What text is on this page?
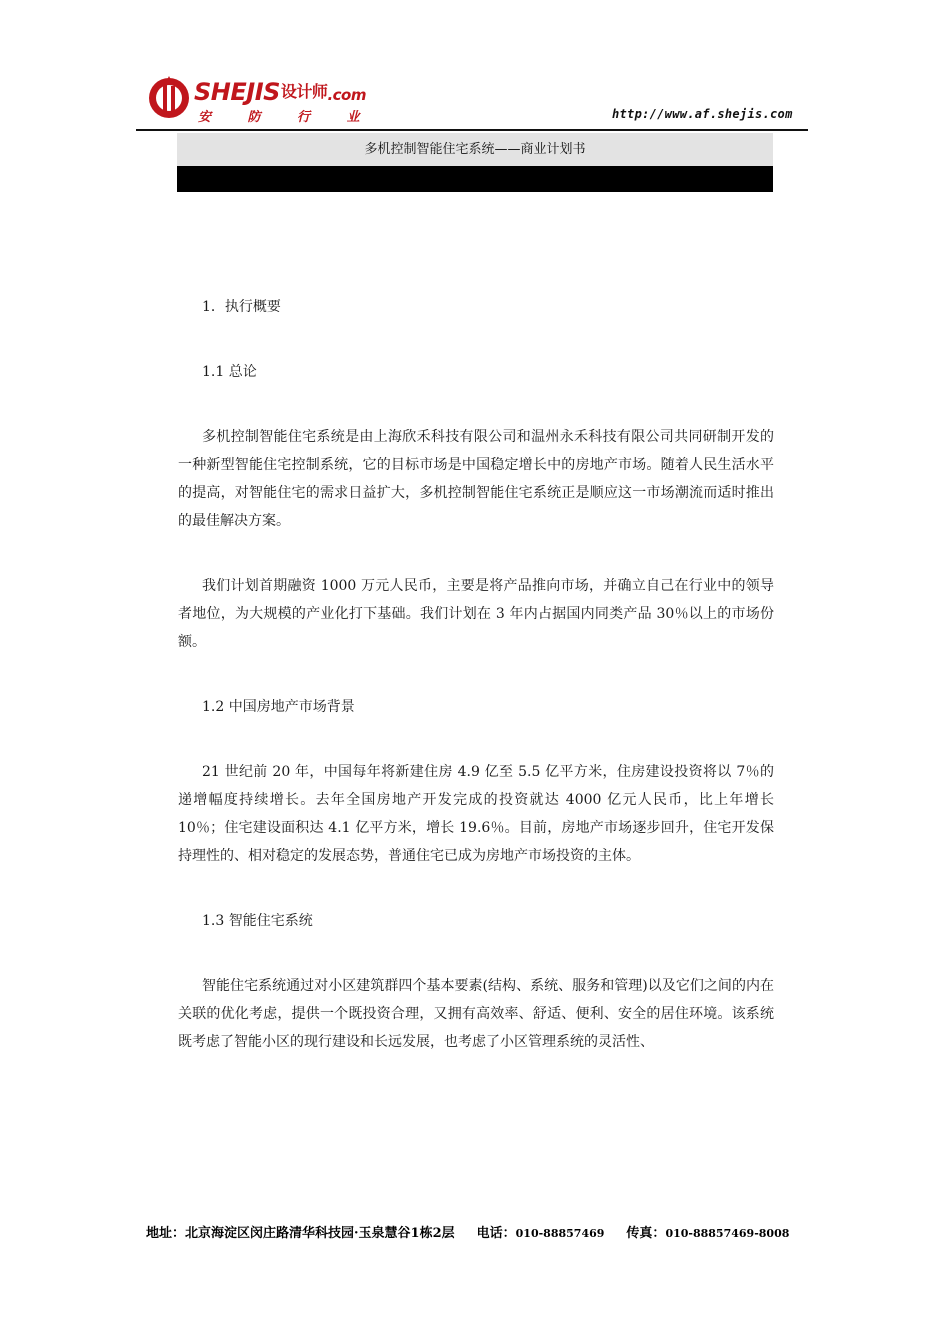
$SHEJIS^{设计师}.com$
安 防 行 业	http://www.af.shejis.com
多机控制智能住宅系统——商业计划书

1．执行概要

1.1 总论

多机控制智能住宅系统是由上海欣禾科技有限公司和温州永禾科技有限公司共同研制开发的一种新型智能住宅控制系统，它的目标市场是中国稳定增长中的房地产市场。随着人民生活水平的提高，对智能住宅的需求日益扩大，多机控制智能住宅系统正是顺应这一市场潮流而适时推出的最佳解决方案。

我们计划首期融资 1000 万元人民币，主要是将产品推向市场，并确立自己在行业中的领导者地位，为大规模的产业化打下基础。我们计划在 3 年内占据国内同类产品 30％以上的市场份额。

1.2 中国房地产市场背景

21 世纪前 20 年，中国每年将新建住房 4.9 亿至 5.5 亿平方米，住房建设投资将以 7％的递增幅度持续增长。去年全国房地产开发完成的投资就达 4000 亿元人民币，比上年增长 10％；住宅建设面积达 4.1 亿平方米，增长 19.6％。目前，房地产市场逐步回升，住宅开发保持理性的、相对稳定的发展态势，普通住宅已成为房地产市场投资的主体。

1.3 智能住宅系统

智能住宅系统通过对小区建筑群四个基本要素(结构、系统、服务和管理)以及它们之间的内在关联的优化考虑，提供一个既投资合理，又拥有高效率、舒适、便利、安全的居住环境。该系统既考虑了智能小区的现行建设和长远发展，也考虑了小区管理系统的灵活性、

地址：北京海淀区闵庄路清华科技园·玉泉慧谷1栋2层 电话：010-88857469 传真：010-88857469-8008
